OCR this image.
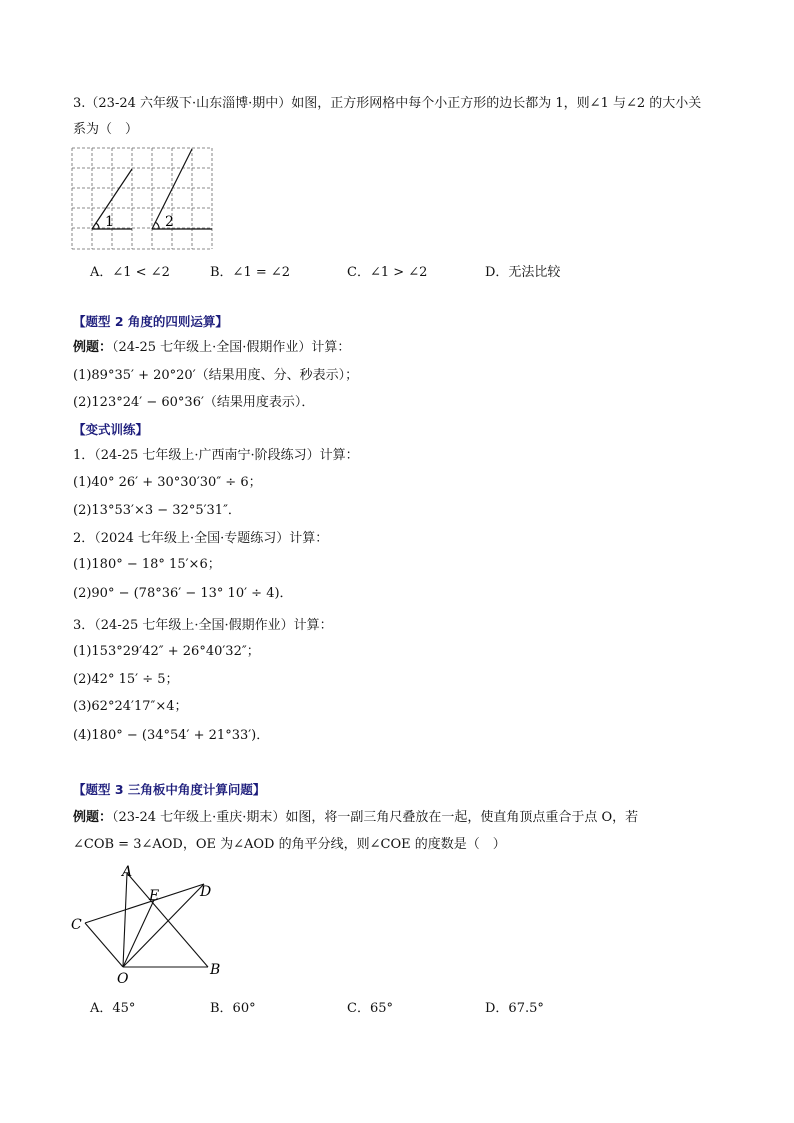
3.（23-24 六年级下·山东淄博·期中）如图，正方形网格中每个小正方形的边长都为 1，则∠1 与∠2 的大小关
系为（　）
1	2
A．∠1 < ∠2	B．∠1 = ∠2	C．∠1 > ∠2	D．无法比较
【题型 2 角度的四则运算】
例题：（24-25 七年级上·全国·假期作业）计算：
(1)89°35′ + 20°20′（结果用度、分、秒表示）；
(2)123°24′ − 60°36′（结果用度表示）．
【变式训练】
1．（24-25 七年级上·广西南宁·阶段练习）计算：
(1)40° 26′ + 30°30′30″ ÷ 6；
(2)13°53′×3 − 32°5′31″．
2．（2024 七年级上·全国·专题练习）计算：
(1)180° − 18° 15′×6；
(2)90° − (78°36′ − 13° 10′ ÷ 4)．
3．（24-25 七年级上·全国·假期作业）计算：
(1)153°29′42″ + 26°40′32″；
(2)42° 15′ ÷ 5；
(3)62°24′17″×4；
(4)180° − (34°54′ + 21°33′)．
【题型 3 三角板中角度计算问题】
例题：（23-24 七年级上·重庆·期末）如图，将一副三角尺叠放在一起，使直角顶点重合于点 O，若
∠COB = 3∠AOD，OE 为∠AOD 的角平分线，则∠COE 的度数是（　）
A
E	D
C
O
B
A．45°	B．60°	C．65°	D．67.5°
